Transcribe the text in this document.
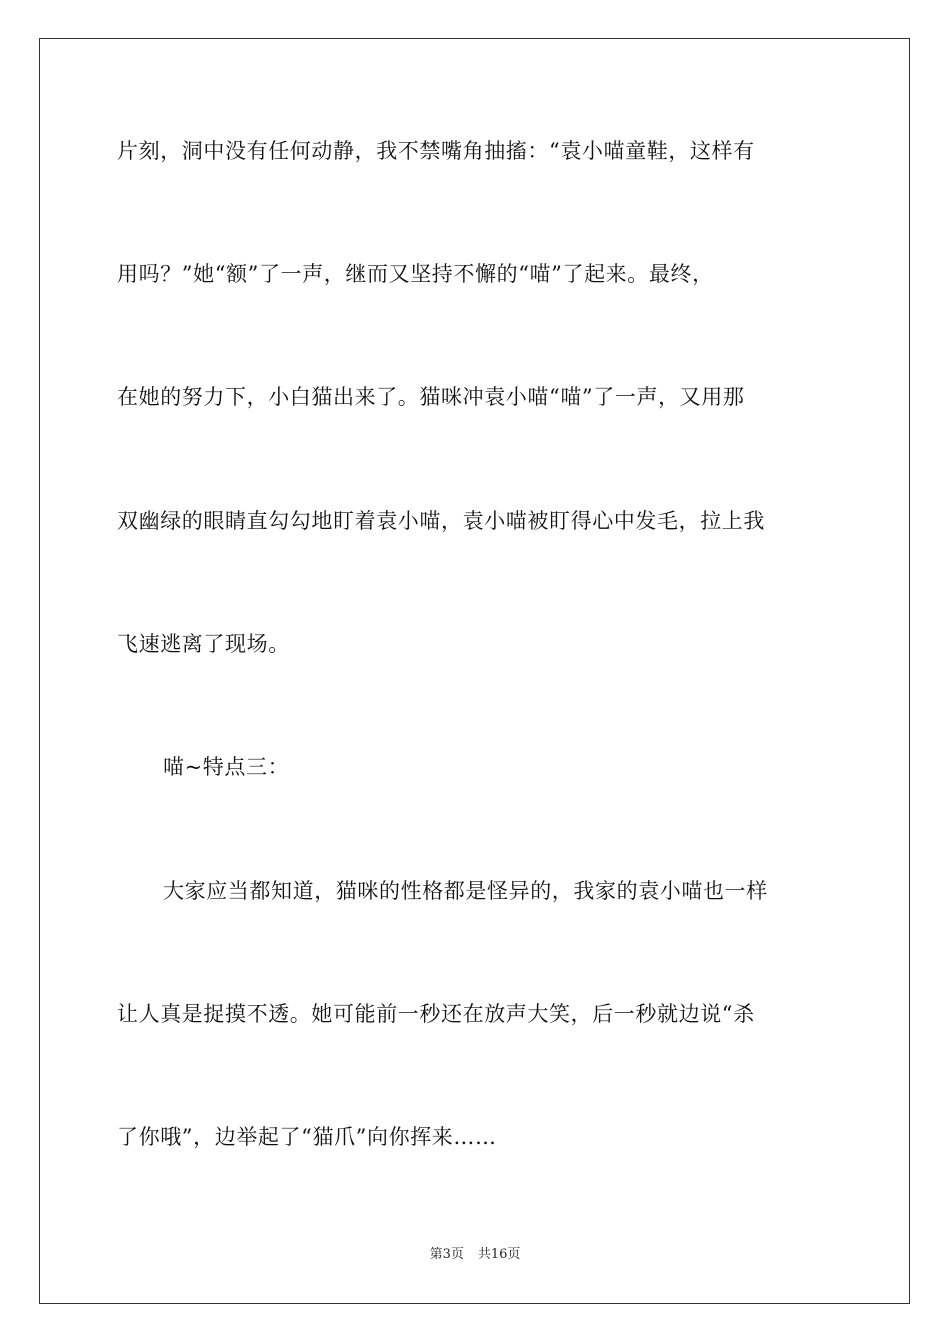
片刻，洞中没有任何动静，我不禁嘴角抽搐：“袁小喵童鞋，这样有
用吗？”她“额”了一声，继而又坚持不懈的“喵”了起来。最终，
在她的努力下，小白猫出来了。猫咪冲袁小喵“喵”了一声，又用那
双幽绿的眼睛直勾勾地盯着袁小喵，袁小喵被盯得心中发毛，拉上我
飞速逃离了现场。
喵~特点三：
大家应当都知道，猫咪的性格都是怪异的，我家的袁小喵也一样
让人真是捉摸不透。她可能前一秒还在放声大笑，后一秒就边说“杀
了你哦”，边举起了“猫爪”向你挥来……
第3页 共16页
